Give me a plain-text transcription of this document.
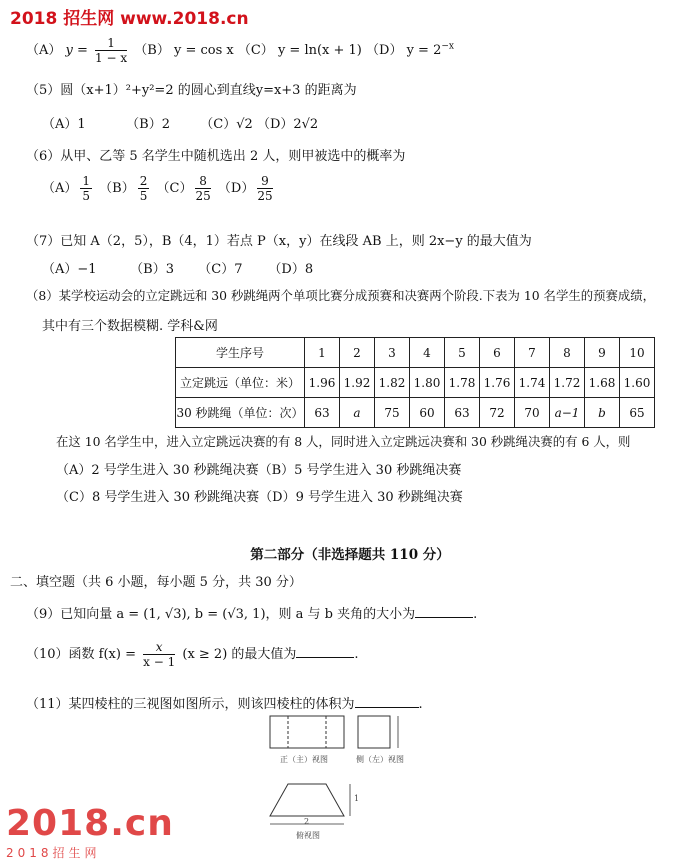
2018 招生网 www.2018.cn
（A） $y = \frac{1}{1 - x} (B) y = \cos x$ （C） y = ln(x + 1) （D） $y = 2^{-x}$
（5）圆（x+1）²+y²=2 的圆心到直线y=x+3 的距离为
（A）1	（B）2 （C）√2 （D）2√2
（6）从甲、乙等 5 名学生中随机选出 2 人，则甲被选中的概率为
$(A) \frac{1}{5} (B) \frac{2}{5} (C) \frac{8}{25} (D) \frac{9}{25}$
（7）已知 A（2，5），B（4，1）若点 P（x，y）在线段 AB 上，则 2x−y 的最大值为
（A）−1	（B）3 （C）7 （D）8
（8）某学校运动会的立定跳远和 30 秒跳绳两个单项比赛分成预赛和决赛两个阶段.下表为 10 名学生的预赛成绩，
其中有三个数据模糊. 学科&网
学生序号	1	2	3	4	5	6	7	8	9	10
立定跳远（单位：米）	1.96	1.92	1.82	1.80	1.78	1.76	1.74	1.72	1.68	1.60
30 秒跳绳（单位：次）	63	a	75	60	63	72	70	a−1	b	65
在这 10 名学生中，进入立定跳远决赛的有 8 人，同时进入立定跳远决赛和 30 秒跳绳决赛的有 6 人，则
（A）2 号学生进入 30 秒跳绳决赛（B）5 号学生进入 30 秒跳绳决赛
（C）8 号学生进入 30 秒跳绳决赛（D）9 号学生进入 30 秒跳绳决赛
第二部分（非选择题共 110 分）
二、填空题（共 6 小题，每小题 5 分，共 30 分）
（9）已知向量 a = (1, √3), b = (√3, 1)，则 a 与 b 夹角的大小为	.
（10）函数 $f(x) = \frac{x}{x - 1} (x \ge 2)$ 的最大值为	.
（11）某四棱柱的三视图如图所示，则该四棱柱的体积为	.
正（主）视图	侧（左）视图
1
2
俯视图
2018.cn
2018招生网
